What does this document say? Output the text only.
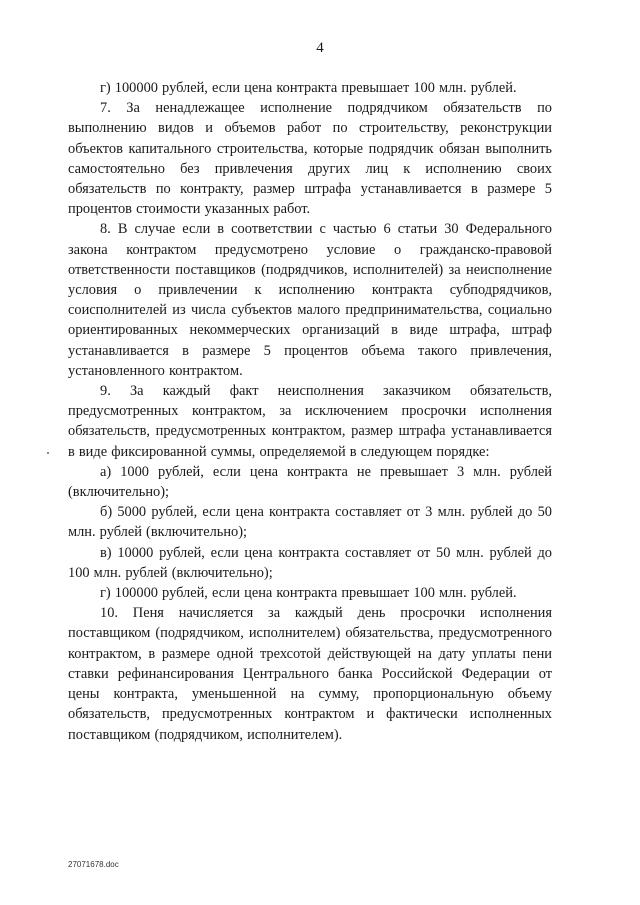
4

г) 100000 рублей, если цена контракта превышает 100 млн. рублей.

7. За ненадлежащее исполнение подрядчиком обязательств по выполнению видов и объемов работ по строительству, реконструкции объектов капитального строительства, которые подрядчик обязан выполнить самостоятельно без привлечения других лиц к исполнению своих обязательств по контракту, размер штрафа устанавливается в размере 5 процентов стоимости указанных работ.

8. В случае если в соответствии с частью 6 статьи 30 Федерального закона контрактом предусмотрено условие о гражданско-правовой ответственности поставщиков (подрядчиков, исполнителей) за неисполнение условия о привлечении к исполнению контракта субподрядчиков, соисполнителей из числа субъектов малого предпринимательства, социально ориентированных некоммерческих организаций в виде штрафа, штраф устанавливается в размере 5 процентов объема такого привлечения, установленного контрактом.

9. За каждый факт неисполнения заказчиком обязательств, предусмотренных контрактом, за исключением просрочки исполнения обязательств, предусмотренных контрактом, размер штрафа устанавливается в виде фиксированной суммы, определяемой в следующем порядке:

а) 1000 рублей, если цена контракта не превышает 3 млн. рублей (включительно);

б) 5000 рублей, если цена контракта составляет от 3 млн. рублей до 50 млн. рублей (включительно);

в) 10000 рублей, если цена контракта составляет от 50 млн. рублей до 100 млн. рублей (включительно);

г) 100000 рублей, если цена контракта превышает 100 млн. рублей.

10. Пеня начисляется за каждый день просрочки исполнения поставщиком (подрядчиком, исполнителем) обязательства, предусмотренного контрактом, в размере одной трехсотой действующей на дату уплаты пени ставки рефинансирования Центрального банка Российской Федерации от цены контракта, уменьшенной на сумму, пропорциональную объему обязательств, предусмотренных контрактом и фактически исполненных поставщиком (подрядчиком, исполнителем).

27071678.doc
